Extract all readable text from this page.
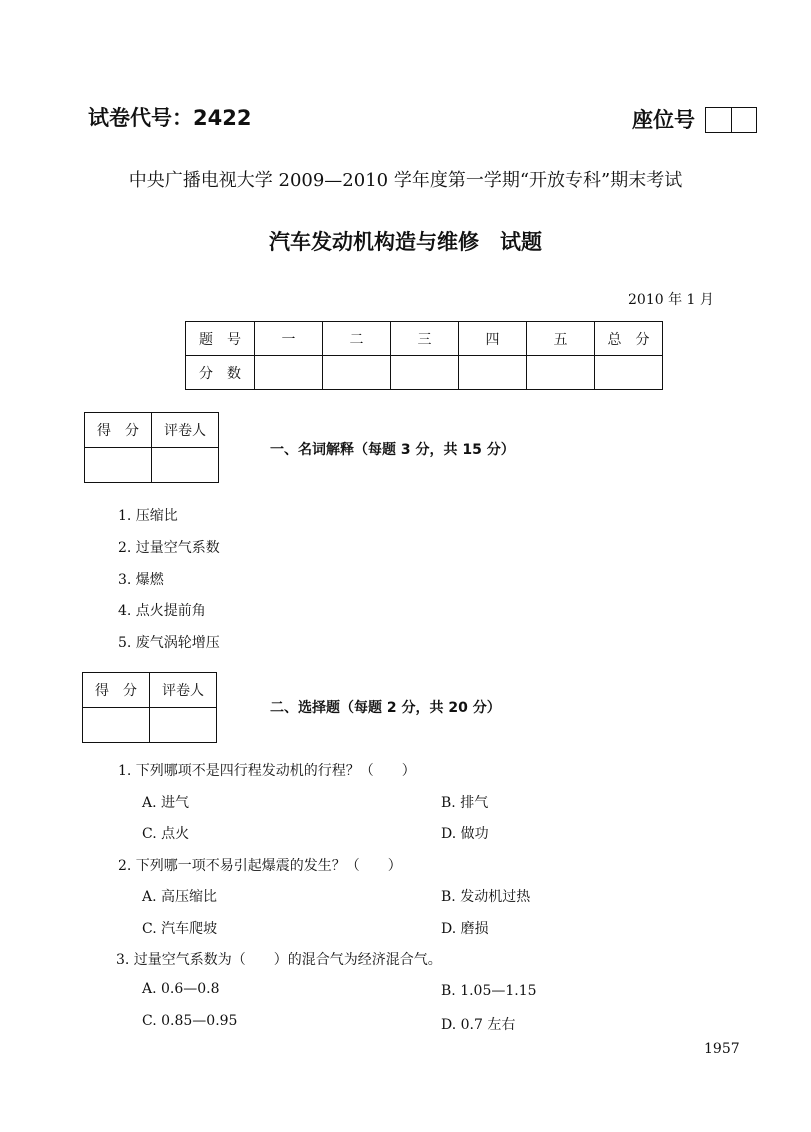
试卷代号：2422	座位号
中央广播电视大学 2009—2010 学年度第一学期“开放专科”期末考试
汽车发动机构造与维修　试题
2010 年 1 月
题　号	一	二	三	四	五	总　分
分　数						
得　分	评卷人

一、名词解释（每题 3 分，共 15 分）
1. 压缩比
2. 过量空气系数
3. 爆燃
4. 点火提前角
5. 废气涡轮增压
得　分	评卷人

二、选择题（每题 2 分，共 20 分）
1. 下列哪项不是四行程发动机的行程？（　　）
A. 进气	B. 排气
C. 点火	D. 做功
2. 下列哪一项不易引起爆震的发生？（　　）
A. 高压缩比	B. 发动机过热
C. 汽车爬坡	D. 磨损
3. 过量空气系数为（　　）的混合气为经济混合气。
A. 0.6—0.8	B. 1.05—1.15
C. 0.85—0.95	D. 0.7 左右
1957
